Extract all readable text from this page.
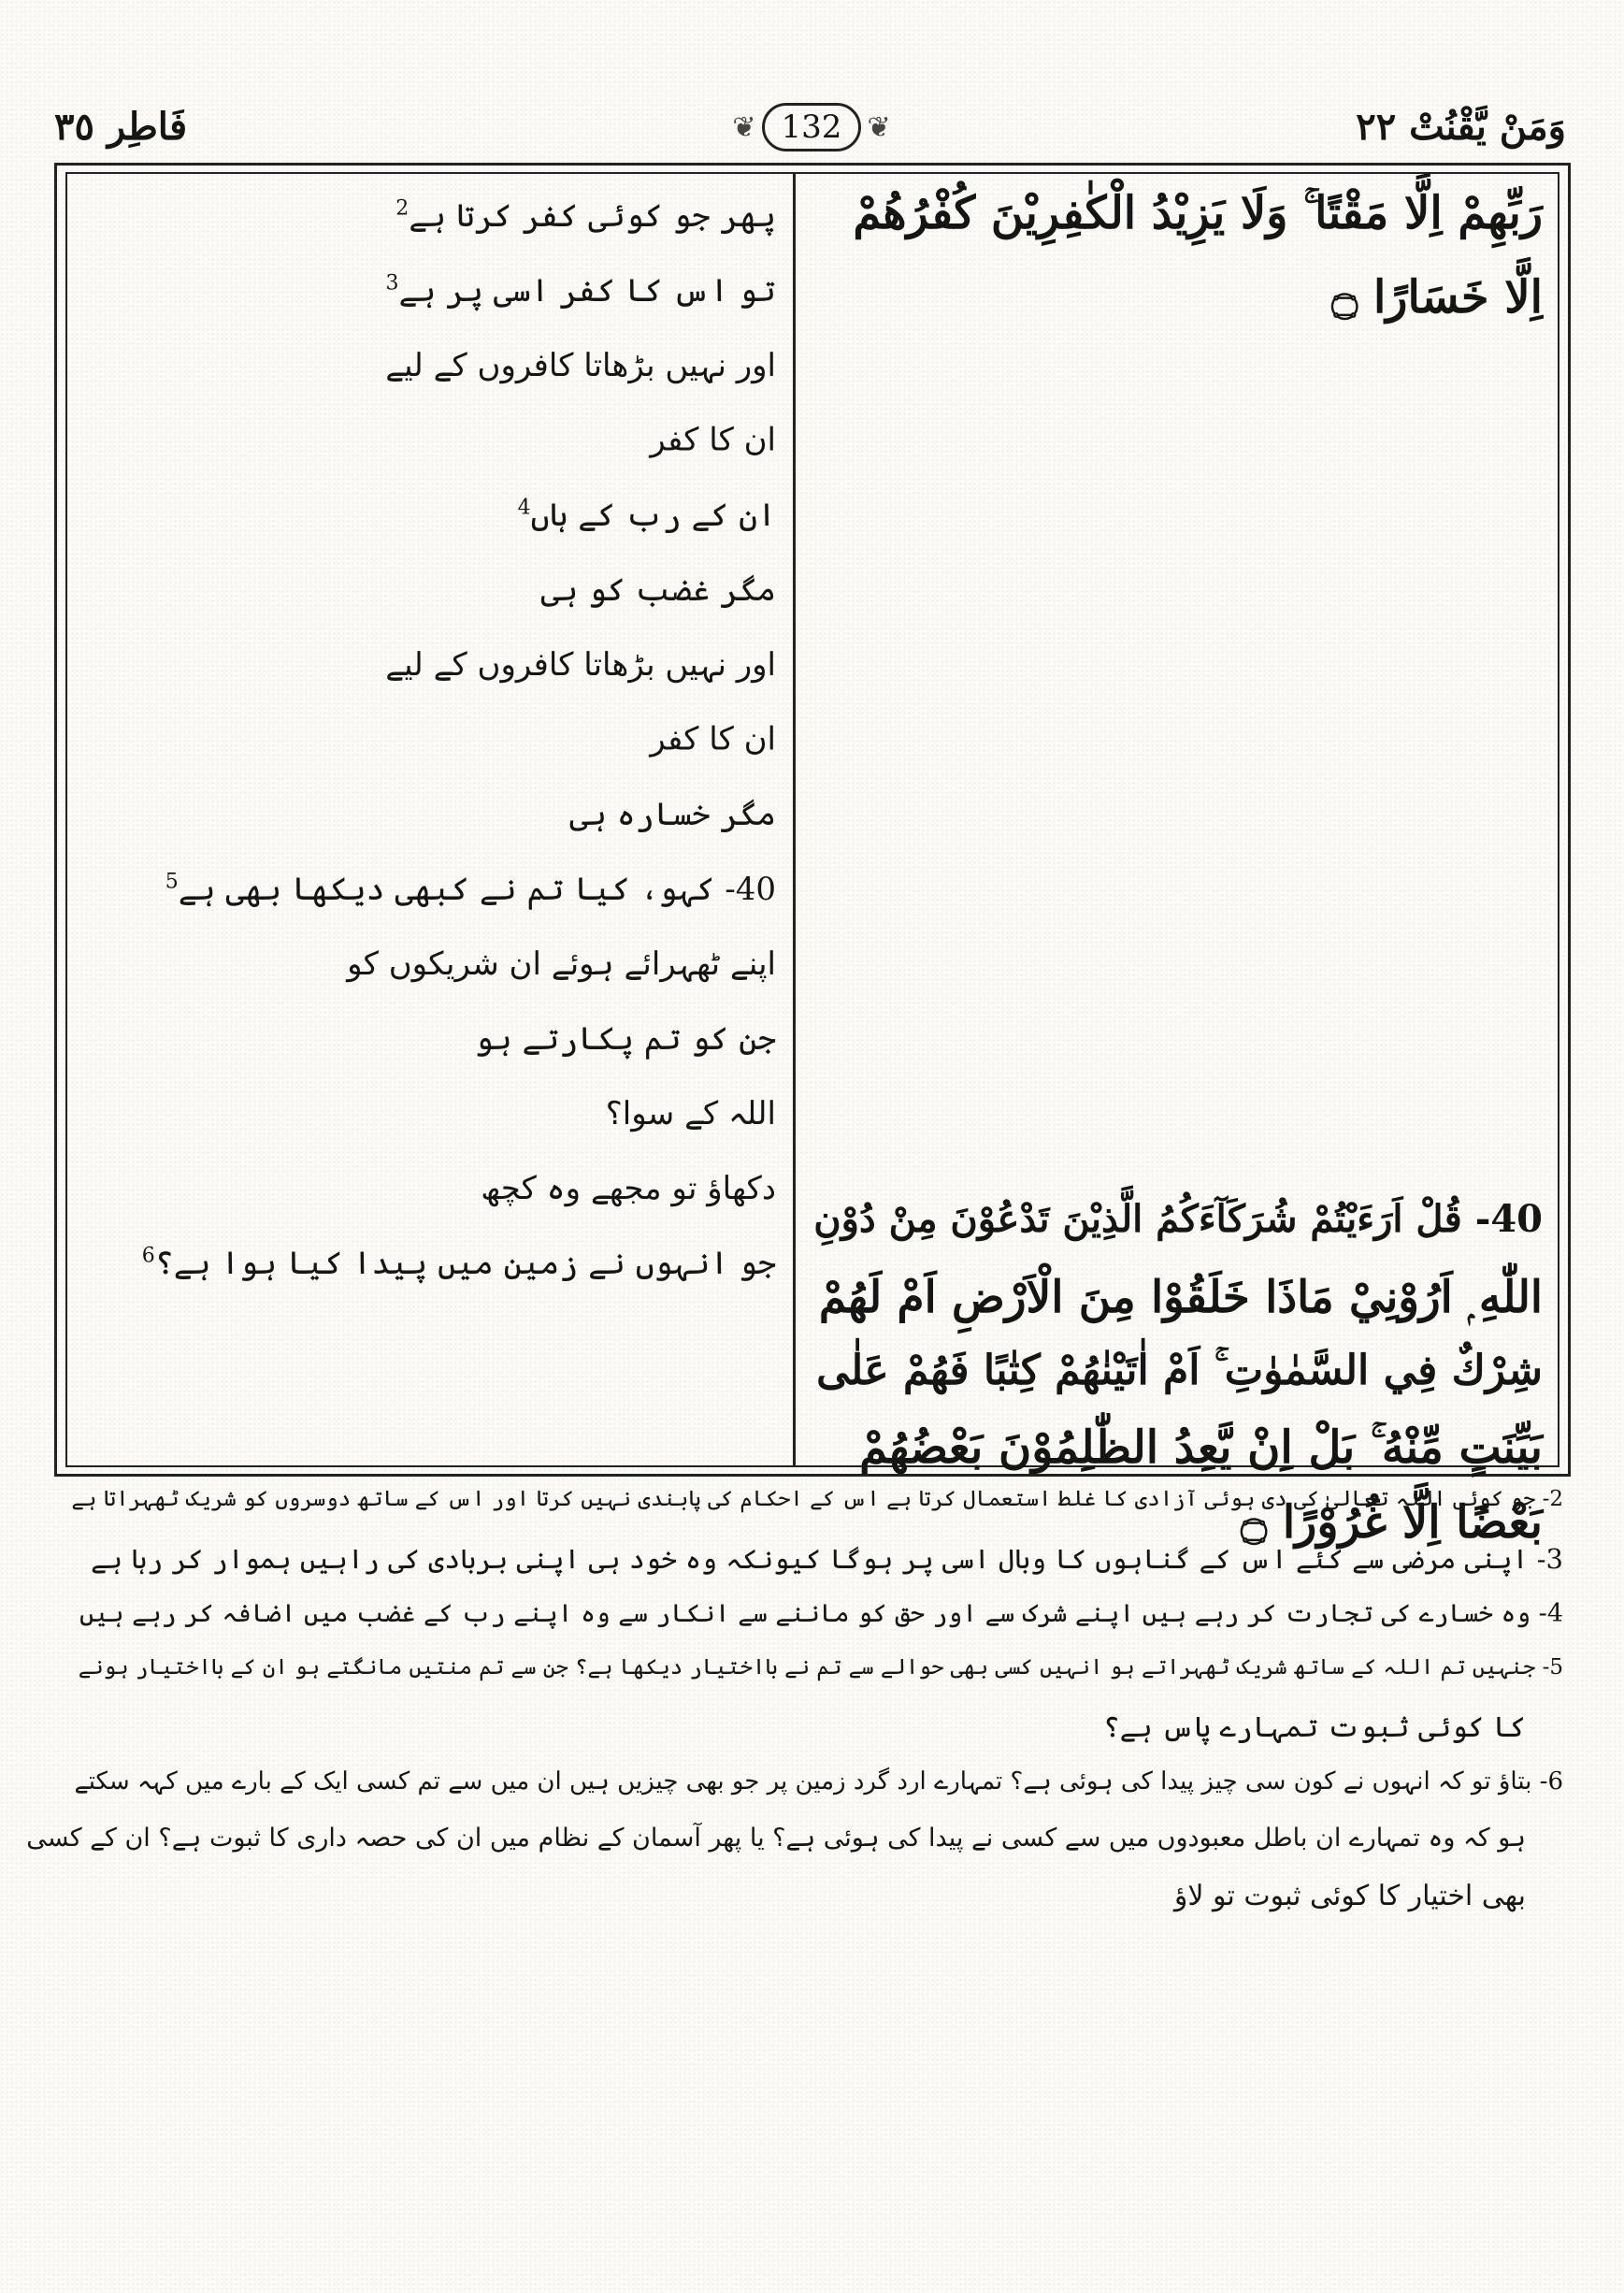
وَمَنْ يَّقْنُتْ ٢٢
فَاطِر ٣٥	❦ 132 ❦
رَبِّهِمْ اِلَّا مَقْتًا ۚ وَلَا يَزِيْدُ الْكٰفِرِيْنَ كُفْرُهُمْ
اِلَّا خَسَارًا ۝
40- قُلْ اَرَءَيْتُمْ شُرَكَآءَكُمُ الَّذِيْنَ تَدْعُوْنَ مِنْ دُوْنِ
اللّٰهِ ۭ اَرُوْنِيْ مَاذَا خَلَقُوْا مِنَ الْاَرْضِ اَمْ لَهُمْ
شِرْكٌ فِي السَّمٰوٰتِ ۚ اَمْ اٰتَيْنٰهُمْ كِتٰبًا فَهُمْ عَلٰى
بَيِّنَتٍ مِّنْهُ ۚ بَلْ اِنْ يَّعِدُ الظّٰلِمُوْنَ بَعْضُهُمْ
بَعْضًا اِلَّا غُرُوْرًا ۝
پھر جو کوئی کفر کرتا ہے$^2$
تو اس کا کفر اسی پر ہے$^3$
اور نہیں بڑھاتا کافروں کے لیے
ان کا کفر
ان کے رب کے ہاں$^4$
مگر غضب کو ہی
اور نہیں بڑھاتا کافروں کے لیے
ان کا کفر
مگر خسارہ ہی
40- کہو، کیا تم نے کبھی دیکھا بھی ہے$^5$
اپنے ٹھہرائے ہوئے ان شریکوں کو
جن کو تم پکارتے ہو
اللہ کے سوا؟
دکھاؤ تو مجھے وہ کچھ
جو انہوں نے زمین میں پیدا کیا ہوا ہے؟$^6$
2- جو کوئی اللہ تعالیٰ کی دی ہوئی آزادی کا غلط استعمال کرتا ہے اس کے احکام کی پابندی نہیں کرتا اور اس کے ساتھ دوسروں کو شریک ٹھہراتا ہے
3- اپنی مرضی سے کئے اس کے گناہوں کا وبال اسی پر ہوگا کیونکہ وہ خود ہی اپنی بربادی کی راہیں ہموار کر رہا ہے
4- وہ خسارے کی تجارت کر رہے ہیں اپنے شرک سے اور حق کو ماننے سے انکار سے وہ اپنے رب کے غضب میں اضافہ کر رہے ہیں
5- جنہیں تم اللہ کے ساتھ شریک ٹھہراتے ہو انہیں کسی بھی حوالے سے تم نے بااختیار دیکھا ہے؟ جن سے تم منتیں مانگتے ہو ان کے بااختیار ہونے
کا کوئی ثبوت تمہارے پاس ہے؟
6- بتاؤ تو کہ انہوں نے کون سی چیز پیدا کی ہوئی ہے؟ تمہارے ارد گرد زمین پر جو بھی چیزیں ہیں ان میں سے تم کسی ایک کے بارے میں کہہ سکتے
ہو کہ وہ تمہارے ان باطل معبودوں میں سے کسی نے پیدا کی ہوئی ہے؟ یا پھر آسمان کے نظام میں ان کی حصہ داری کا ثبوت ہے؟ ان کے کسی
بھی اختیار کا کوئی ثبوت تو لاؤ
